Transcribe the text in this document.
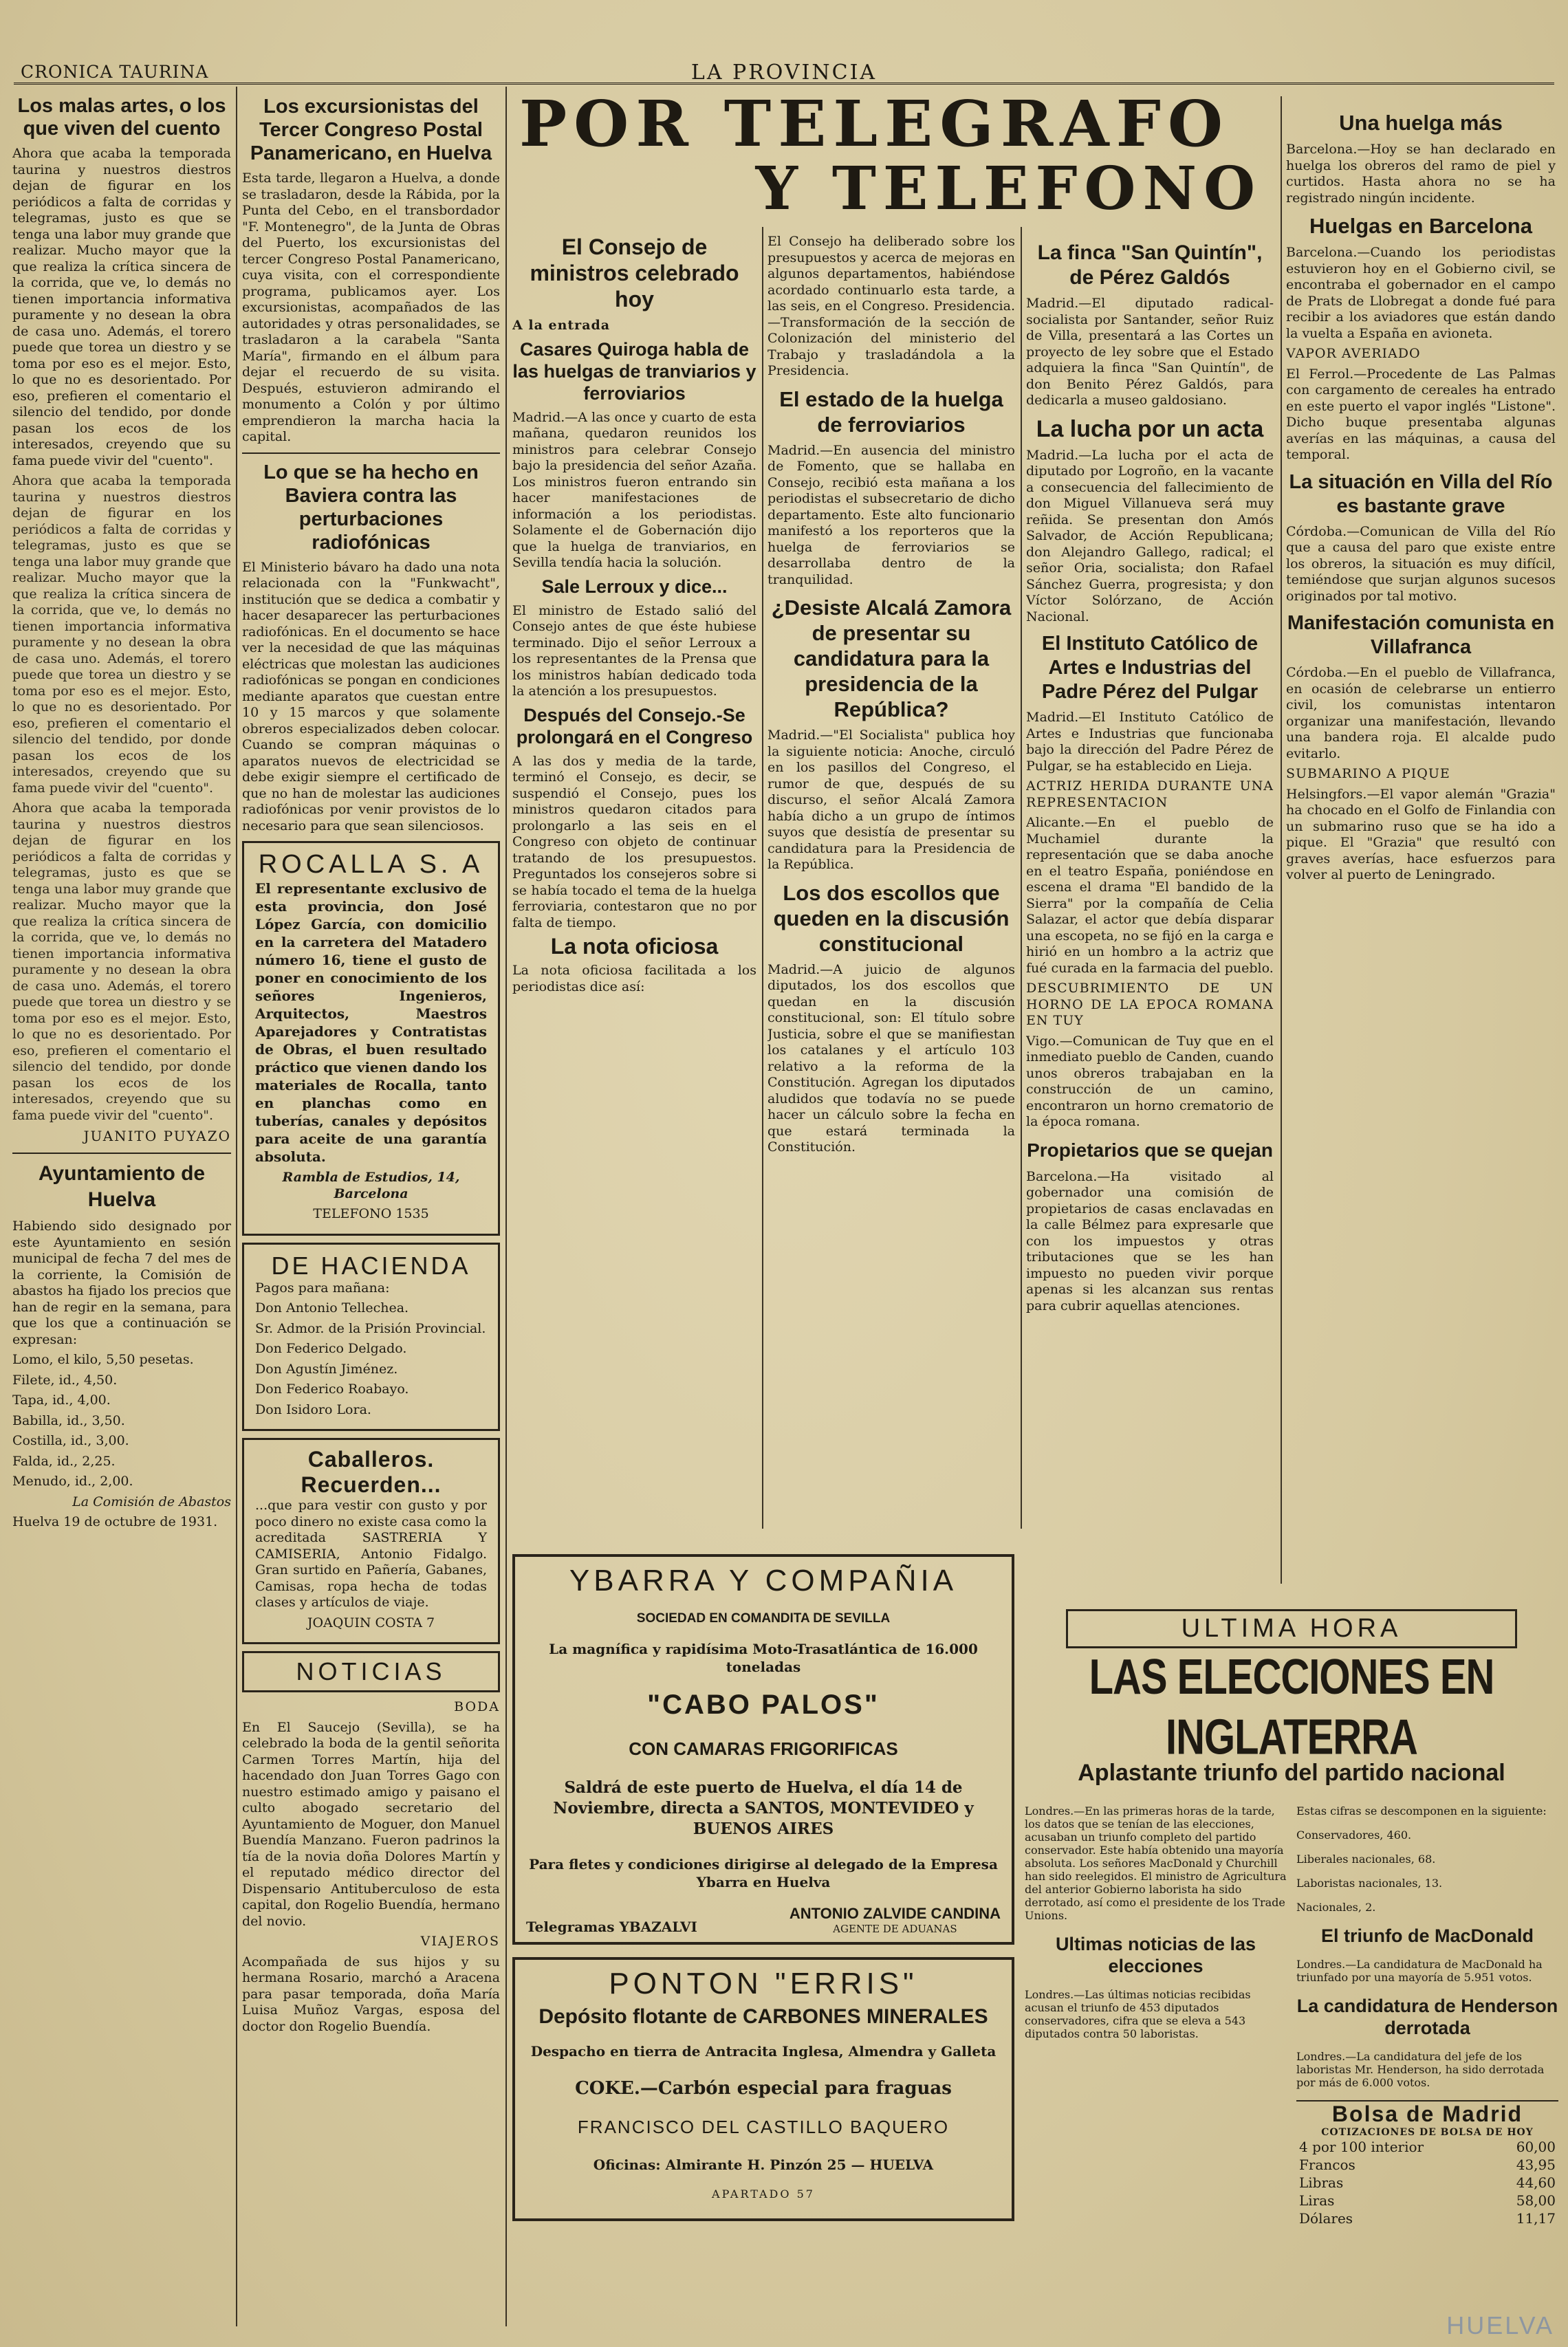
CRONICA TAURINA	LA PROVINCIA
Los malas artes, o los que viven del cuento

Ahora que acaba la temporada taurina y nuestros diestros dejan de figurar en los periódicos a falta de corridas y telegramas, justo es que se tenga una labor muy grande que realizar. Mucho mayor que la que realiza la crítica sincera de la corrida, que ve, lo demás no tienen importancia informativa puramente y no desean la obra de casa uno. Además, el torero puede que torea un diestro y se toma por eso es el mejor. Esto, lo que no es desorientado. Por eso, prefieren el comentario el silencio del tendido, por donde pasan los ecos de los interesados, creyendo que su fama puede vivir del "cuento".

Ahora que acaba la temporada taurina y nuestros diestros dejan de figurar en los periódicos a falta de corridas y telegramas, justo es que se tenga una labor muy grande que realizar. Mucho mayor que la que realiza la crítica sincera de la corrida, que ve, lo demás no tienen importancia informativa puramente y no desean la obra de casa uno. Además, el torero puede que torea un diestro y se toma por eso es el mejor. Esto, lo que no es desorientado. Por eso, prefieren el comentario el silencio del tendido, por donde pasan los ecos de los interesados, creyendo que su fama puede vivir del "cuento".

Ahora que acaba la temporada taurina y nuestros diestros dejan de figurar en los periódicos a falta de corridas y telegramas, justo es que se tenga una labor muy grande que realizar. Mucho mayor que la que realiza la crítica sincera de la corrida, que ve, lo demás no tienen importancia informativa puramente y no desean la obra de casa uno. Además, el torero puede que torea un diestro y se toma por eso es el mejor. Esto, lo que no es desorientado. Por eso, prefieren el comentario el silencio del tendido, por donde pasan los ecos de los interesados, creyendo que su fama puede vivir del "cuento".

JUANITO PUYAZO
Ayuntamiento de Huelva

Habiendo sido designado por este Ayuntamiento en sesión municipal de fecha 7 del mes de la corriente, la Comisión de abastos ha fijado los precios que han de regir en la semana, para que los que a continuación se expresan:

Lomo, el kilo, 5,50 pesetas.

Filete, id., 4,50.

Tapa, id., 4,00.

Babilla, id., 3,50.

Costilla, id., 3,00.

Falda, id., 2,25.

Menudo, id., 2,00.

La Comisión de Abastos

Huelva 19 de octubre de 1931.

Los excursionistas del Tercer Congreso Postal Panamericano, en Huelva

Esta tarde, llegaron a Huelva, a donde se trasladaron, desde la Rábida, por la Punta del Cebo, en el transbordador "F. Montenegro", de la Junta de Obras del Puerto, los excursionistas del tercer Congreso Postal Panamericano, cuya visita, con el correspondiente programa, publicamos ayer. Los excursionistas, acompañados de las autoridades y otras personalidades, se trasladaron a la carabela "Santa María", firmando en el álbum para dejar el recuerdo de su visita. Después, estuvieron admirando el monumento a Colón y por último emprendieron la marcha hacia la capital.

Lo que se ha hecho en Baviera contra las perturbaciones radiofónicas

El Ministerio bávaro ha dado una nota relacionada con la "Funkwacht", institución que se dedica a combatir y hacer desaparecer las perturbaciones radiofónicas. En el documento se hace ver la necesidad de que las máquinas eléctricas que molestan las audiciones radiofónicas se pongan en condiciones mediante aparatos que cuestan entre 10 y 15 marcos y que solamente obreros especializados deben colocar. Cuando se compran máquinas o aparatos nuevos de electricidad se debe exigir siempre el certificado de que no han de molestar las audiciones radiofónicas por venir provistos de lo necesario para que sean silenciosos.

ROCALLA S. A

El representante exclusivo de esta provincia, don José López García, con domicilio en la carretera del Matadero número 16, tiene el gusto de poner en conocimiento de los señores Ingenieros, Arquitectos, Maestros Aparejadores y Contratistas de Obras, el buen resultado práctico que vienen dando los materiales de Rocalla, tanto en planchas como en tuberías, canales y depósitos para aceite de una garantía absoluta.

Rambla de Estudios, 14, Barcelona

TELEFONO 1535

DE HACIENDA

Pagos para mañana:

Don Antonio Tellechea.

Sr. Admor. de la Prisión Provincial.

Don Federico Delgado.

Don Agustín Jiménez.

Don Federico Roabayo.

Don Isidoro Lora.

Caballeros. Recuerden...

...que para vestir con gusto y por poco dinero no existe casa como la acreditada SASTRERIA Y CAMISERIA, Antonio Fidalgo. Gran surtido en Pañería, Gabanes, Camisas, ropa hecha de todas clases y artículos de viaje.

JOAQUIN COSTA 7

NOTICIAS

BODA

En El Saucejo (Sevilla), se ha celebrado la boda de la gentil señorita Carmen Torres Martín, hija del hacendado don Juan Torres Gago con nuestro estimado amigo y paisano el culto abogado secretario del Ayuntamiento de Moguer, don Manuel Buendía Manzano. Fueron padrinos la tía de la novia doña Dolores Martín y el reputado médico director del Dispensario Antituberculoso de esta capital, don Rogelio Buendía, hermano del novio.

VIAJEROS

Acompañada de sus hijos y su hermana Rosario, marchó a Aracena para pasar temporada, doña María Luisa Muñoz Vargas, esposa del doctor don Rogelio Buendía.

POR TELEGRAFO
Y TELEFONO
El Consejo de ministros celebrado hoy

A la entrada

Casares Quiroga habla de las huelgas de tranviarios y ferroviarios

Madrid.—A las once y cuarto de esta mañana, quedaron reunidos los ministros para celebrar Consejo bajo la presidencia del señor Azaña. Los ministros fueron entrando sin hacer manifestaciones de información a los periodistas. Solamente el de Gobernación dijo que la huelga de tranviarios, en Sevilla tendía hacia la solución.

Sale Lerroux y dice...

El ministro de Estado salió del Consejo antes de que éste hubiese terminado. Dijo el señor Lerroux a los representantes de la Prensa que los ministros habían dedicado toda la atención a los presupuestos.

Después del Consejo.-Se prolongará en el Congreso

A las dos y media de la tarde, terminó el Consejo, es decir, se suspendió el Consejo, pues los ministros quedaron citados para prolongarlo a las seis en el Congreso con objeto de continuar tratando de los presupuestos. Preguntados los consejeros sobre si se había tocado el tema de la huelga ferroviaria, contestaron que no por falta de tiempo.

La nota oficiosa

La nota oficiosa facilitada a los periodistas dice así:

El Consejo ha deliberado sobre los presupuestos y acerca de mejoras en algunos departamentos, habiéndose acordado continuarlo esta tarde, a las seis, en el Congreso. Presidencia.—Transformación de la sección de Colonización del ministerio del Trabajo y trasladándola a la Presidencia.

El estado de la huelga de ferroviarios

Madrid.—En ausencia del ministro de Fomento, que se hallaba en Consejo, recibió esta mañana a los periodistas el subsecretario de dicho departamento. Este alto funcionario manifestó a los reporteros que la huelga de ferroviarios se desarrollaba dentro de la tranquilidad.

¿Desiste Alcalá Zamora de presentar su candidatura para la presidencia de la República?

Madrid.—"El Socialista" publica hoy la siguiente noticia: Anoche, circuló en los pasillos del Congreso, el rumor de que, después de su discurso, el señor Alcalá Zamora había dicho a un grupo de íntimos suyos que desistía de presentar su candidatura para la Presidencia de la República.

Los dos escollos que queden en la discusión constitucional

Madrid.—A juicio de algunos diputados, los dos escollos que quedan en la discusión constitucional, son: El título sobre Justicia, sobre el que se manifiestan los catalanes y el artículo 103 relativo a la reforma de la Constitución. Agregan los diputados aludidos que todavía no se puede hacer un cálculo sobre la fecha en que estará terminada la Constitución.

YBARRA Y COMPAÑIA

SOCIEDAD EN COMANDITA DE SEVILLA

La magnífica y rapidísima Moto-Trasatlántica de 16.000 toneladas

"CABO PALOS"

CON CAMARAS FRIGORIFICAS

Saldrá de este puerto de Huelva, el día 14 de Noviembre, directa a SANTOS, MONTEVIDEO y BUENOS AIRES

Para fletes y condiciones dirigirse al delegado de la Empresa Ybarra en Huelva

Telegramas YBAZALVI
ANTONIO ZALVIDE CANDINA
AGENTE DE ADUANAS
PONTON "ERRIS"

Depósito flotante de CARBONES MINERALES

Despacho en tierra de Antracita Inglesa, Almendra y Galleta

COKE.—Carbón especial para fraguas

FRANCISCO DEL CASTILLO BAQUERO

Oficinas: Almirante H. Pinzón 25 — HUELVA

APARTADO 57

La finca "San Quintín", de Pérez Galdós

Madrid.—El diputado radical-socialista por Santander, señor Ruiz de Villa, presentará a las Cortes un proyecto de ley sobre que el Estado adquiera la finca "San Quintín", de don Benito Pérez Galdós, para dedicarla a museo galdosiano.

La lucha por un acta

Madrid.—La lucha por el acta de diputado por Logroño, en la vacante a consecuencia del fallecimiento de don Miguel Villanueva será muy reñida. Se presentan don Amós Salvador, de Acción Republicana; don Alejandro Gallego, radical; el señor Oria, socialista; don Rafael Sánchez Guerra, progresista; y don Víctor Solórzano, de Acción Nacional.

El Instituto Católico de Artes e Industrias del Padre Pérez del Pulgar

Madrid.—El Instituto Católico de Artes e Industrias que funcionaba bajo la dirección del Padre Pérez de Pulgar, se ha establecido en Lieja.

ACTRIZ HERIDA DURANTE UNA REPRESENTACION

Alicante.—En el pueblo de Muchamiel durante la representación que se daba anoche en el teatro España, poniéndose en escena el drama "El bandido de la Sierra" por la compañía de Celia Salazar, el actor que debía disparar una escopeta, no se fijó en la carga e hirió en un hombro a la actriz que fué curada en la farmacia del pueblo.

DESCUBRIMIENTO DE UN HORNO DE LA EPOCA ROMANA EN TUY

Vigo.—Comunican de Tuy que en el inmediato pueblo de Canden, cuando unos obreros trabajaban en la construcción de un camino, encontraron un horno crematorio de la época romana.

Propietarios que se quejan

Barcelona.—Ha visitado al gobernador una comisión de propietarios de casas enclavadas en la calle Bélmez para expresarle que con los impuestos y otras tributaciones que se les han impuesto no pueden vivir porque apenas si les alcanzan sus rentas para cubrir aquellas atenciones.

Una huelga más

Barcelona.—Hoy se han declarado en huelga los obreros del ramo de piel y curtidos. Hasta ahora no se ha registrado ningún incidente.

Huelgas en Barcelona

Barcelona.—Cuando los periodistas estuvieron hoy en el Gobierno civil, se encontraba el gobernador en el campo de Prats de Llobregat a donde fué para recibir a los aviadores que están dando la vuelta a España en avioneta.

VAPOR AVERIADO

El Ferrol.—Procedente de Las Palmas con cargamento de cereales ha entrado en este puerto el vapor inglés "Listone". Dicho buque presentaba algunas averías en las máquinas, a causa del temporal.

La situación en Villa del Río es bastante grave

Córdoba.—Comunican de Villa del Río que a causa del paro que existe entre los obreros, la situación es muy difícil, temiéndose que surjan algunos sucesos originados por tal motivo.

Manifestación comunista en Villafranca

Córdoba.—En el pueblo de Villafranca, en ocasión de celebrarse un entierro civil, los comunistas intentaron organizar una manifestación, llevando una bandera roja. El alcalde pudo evitarlo.

SUBMARINO A PIQUE

Helsingfors.—El vapor alemán "Grazia" ha chocado en el Golfo de Finlandia con un submarino ruso que se ha ido a pique. El "Grazia" que resultó con graves averías, hace esfuerzos para volver al puerto de Leningrado.

ULTIMA HORA
LAS ELECCIONES EN INGLATERRA
Aplastante triunfo del partido nacional

Londres.—En las primeras horas de la tarde, los datos que se tenían de las elecciones, acusaban un triunfo completo del partido conservador. Este había obtenido una mayoría absoluta. Los señores MacDonald y Churchill han sido reelegidos. El ministro de Agricultura del anterior Gobierno laborista ha sido derrotado, así como el presidente de los Trade Unions.

Ultimas noticias de las elecciones

Londres.—Las últimas noticias recibidas acusan el triunfo de 453 diputados conservadores, cifra que se eleva a 543 diputados contra 50 laboristas.

Estas cifras se descomponen en la siguiente:

Conservadores, 460.

Liberales nacionales, 68.

Laboristas nacionales, 13.

Nacionales, 2.

El triunfo de MacDonald

Londres.—La candidatura de MacDonald ha triunfado por una mayoría de 5.951 votos.

La candidatura de Henderson derrotada

Londres.—La candidatura del jefe de los laboristas Mr. Henderson, ha sido derrotada por más de 6.000 votos.

Bolsa de Madrid
COTIZACIONES DE BOLSA DE HOY
4 por 100 interior	60,00
Francos	43,95
Libras	44,60
Liras	58,00
Dólares	11,17
HUELVA
